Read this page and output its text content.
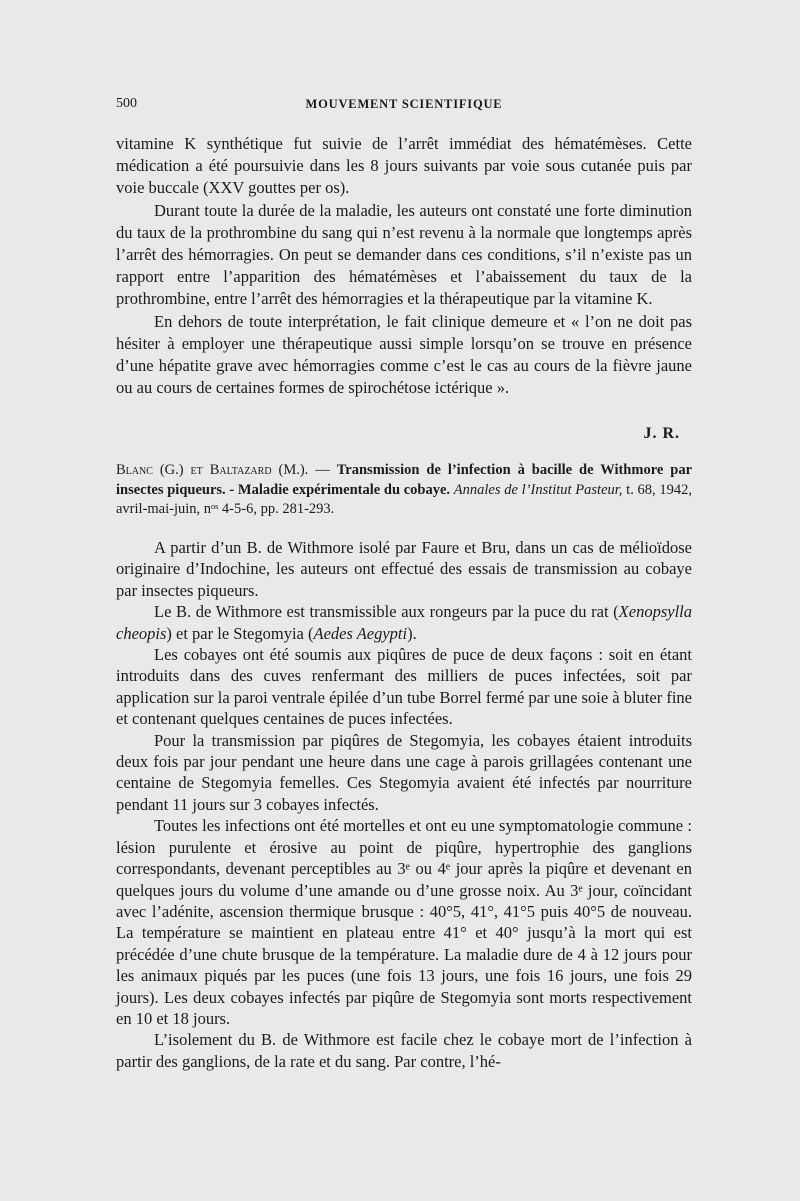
500	MOUVEMENT SCIENTIFIQUE

vitamine K synthétique fut suivie de l’arrêt immédiat des hématémèses. Cette médication a été poursuivie dans les 8 jours suivants par voie sous cutanée puis par voie buccale (XXV gouttes per os).

Durant toute la durée de la maladie, les auteurs ont constaté une forte diminution du taux de la prothrombine du sang qui n’est revenu à la normale que longtemps après l’arrêt des hémorragies. On peut se demander dans ces conditions, s’il n’existe pas un rapport entre l’apparition des hématémèses et l’abaissement du taux de la prothrombine, entre l’arrêt des hémorragies et la thérapeutique par la vitamine K.

En dehors de toute interprétation, le fait clinique demeure et « l’on ne doit pas hésiter à employer une thérapeutique aussi simple lorsqu’on se trouve en présence d’une hépatite grave avec hémorragies comme c’est le cas au cours de la fièvre jaune ou au cours de certaines formes de spirochétose ictérique ».

J. R.

Blanc (G.) et Baltazard (M.). — Transmission de l’infection à bacille de Withmore par insectes piqueurs. - Maladie expérimentale du cobaye. Annales de l’Institut Pasteur, t. 68, 1942, avril-mai-juin, nᵒˢ 4-5-6, pp. 281-293.

A partir d’un B. de Withmore isolé par Faure et Bru, dans un cas de mélioïdose originaire d’Indochine, les auteurs ont effectué des essais de transmission au cobaye par insectes piqueurs.

Le B. de Withmore est transmissible aux rongeurs par la puce du rat (Xenopsylla cheopis) et par le Stegomyia (Aedes Aegypti).

Les cobayes ont été soumis aux piqûres de puce de deux façons : soit en étant introduits dans des cuves renfermant des milliers de puces infectées, soit par application sur la paroi ventrale épilée d’un tube Borrel fermé par une soie à bluter fine et contenant quelques centaines de puces infectées.

Pour la transmission par piqûres de Stegomyia, les cobayes étaient introduits deux fois par jour pendant une heure dans une cage à parois grillagées contenant une centaine de Stegomyia femelles. Ces Stegomyia avaient été infectés par nourriture pendant 11 jours sur 3 cobayes infectés.

Toutes les infections ont été mortelles et ont eu une symptomatologie commune : lésion purulente et érosive au point de piqûre, hypertrophie des ganglions correspondants, devenant perceptibles au 3ᵉ ou 4ᵉ jour après la piqûre et devenant en quelques jours du volume d’une amande ou d’une grosse noix. Au 3ᵉ jour, coïncidant avec l’adénite, ascension thermique brusque : 40°5, 41°, 41°5 puis 40°5 de nouveau. La température se maintient en plateau entre 41° et 40° jusqu’à la mort qui est précédée d’une chute brusque de la température. La maladie dure de 4 à 12 jours pour les animaux piqués par les puces (une fois 13 jours, une fois 16 jours, une fois 29 jours). Les deux cobayes infectés par piqûre de Stegomyia sont morts respectivement en 10 et 18 jours.

L’isolement du B. de Withmore est facile chez le cobaye mort de l’infection à partir des ganglions, de la rate et du sang. Par contre, l’hé-
